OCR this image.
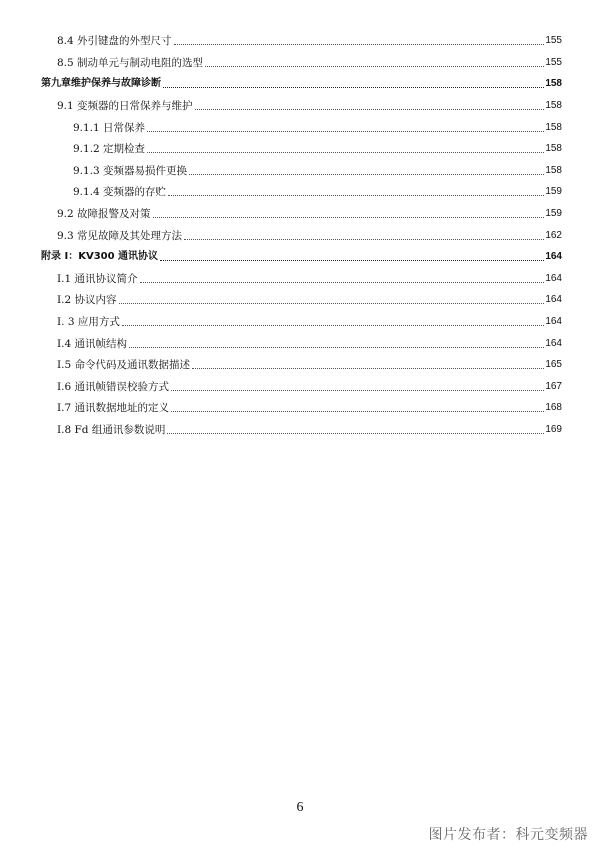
8.4 外引键盘的外型尺寸	155
8.5 制动单元与制动电阻的选型	155
第九章维护保养与故障诊断	158
9.1 变频器的日常保养与维护	158
9.1.1 日常保养	158
9.1.2 定期检查	158
9.1.3 变频器易损件更换	158
9.1.4 变频器的存贮	159
9.2 故障报警及对策	159
9.3 常见故障及其处理方法	162
附录 I：KV300 通讯协议	164
I.1 通讯协议简介	164
I.2 协议内容	164
I. 3 应用方式	164
I.4 通讯帧结构	164
I.5 命令代码及通讯数据描述	165
I.6 通讯帧错误校验方式	167
I.7 通讯数据地址的定义	168
I.8 Fd 组通讯参数说明	169
6
图片发布者：科元变频器
